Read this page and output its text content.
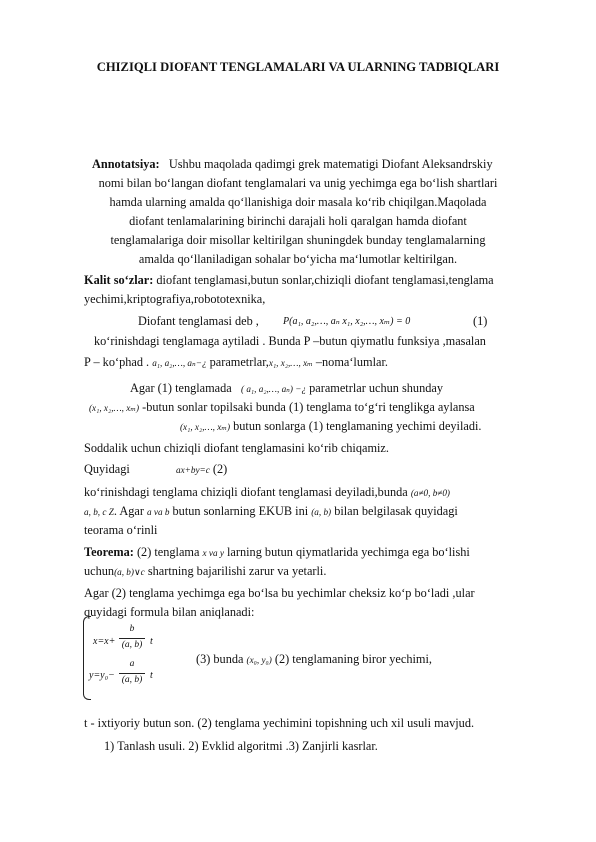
CHIZIQLI DIOFANT TENGLAMALARI VA ULARNING TADBIQLARI
Annotatsiya: Ushbu maqolada qadimgi grek matematigi Diofant Aleksandrskiy
nomi bilan bo‘langan diofant tenglamalari va unig yechimga ega bo‘lish shartlari
hamda ularning amalda qo‘llanishiga doir masala ko‘rib chiqilgan.Maqolada
diofant tenlamalarining birinchi darajali holi qaralgan hamda diofant
tenglamalariga doir misollar keltirilgan shuningdek bunday tenglamalarning
amalda qo‘llaniladigan sohalar bo‘yicha ma‘lumotlar keltirilgan.
Kalit so‘zlar: diofant tenglamasi,butun sonlar,chiziqli diofant tenglamasi,tenglama
yechimi,kriptografiya,robototexnika,
Diofant tenglamasi deb , P(a₁, a₂,…, aₙ x₁, x₂,…, xₘ) = 0	(1)
ko‘rinishdagi tenglamaga aytiladi . Bunda P –butun qiymatlu funksiya ,masalan
P – ko‘phad . a₁, a₂,…, aₙ−¿ parametrlar,x₁, x₂,…, xₘ –noma‘lumlar.
Agar (1) tenglamada ( a₁, a₂,…, aₙ) −¿ parametrlar uchun shunday
(x₁, x₂,…, xₘ) -butun sonlar topilsaki bunda (1) tenglama to‘g‘ri tenglikga aylansa
(x₁, x₂,…, xₘ) butun sonlarga (1) tenglamaning yechimi deyiladi.
Soddalik uchun chiziqli diofant tenglamasini ko‘rib chiqamiz.
Quyidagi	ax+by=c (2)
ko‘rinishdagi tenglama chiziqli diofant tenglamasi deyiladi,bunda (a≠0, b≠0)
a, b, c Z. Agar a va b butun sonlarning EKUB ini (a, b) bilan belgilasak quyidagi
teorama o‘rinli
Teorema: (2) tenglama x va y larning butun qiymatlarida yechimga ega bo‘lishi
uchun(a, b)∨c shartning bajarilishi zarur va yetarli.
Agar (2) tenglama yechimga ega bo‘lsa bu yechimlar cheksiz ko‘p bo‘ladi ,ular
quyidagi formula bilan aniqlanadi:
x=x+
b
(a, b) t
y=y₀−
a
(a, b) t
(3) bunda (x₀, y₀) (2) tenglamaning biror yechimi,
t - ixtiyoriy butun son. (2) tenglama yechimini topishning uch xil usuli mavjud.
1) Tanlash usuli. 2) Evklid algoritmi .3) Zanjirli kasrlar.
